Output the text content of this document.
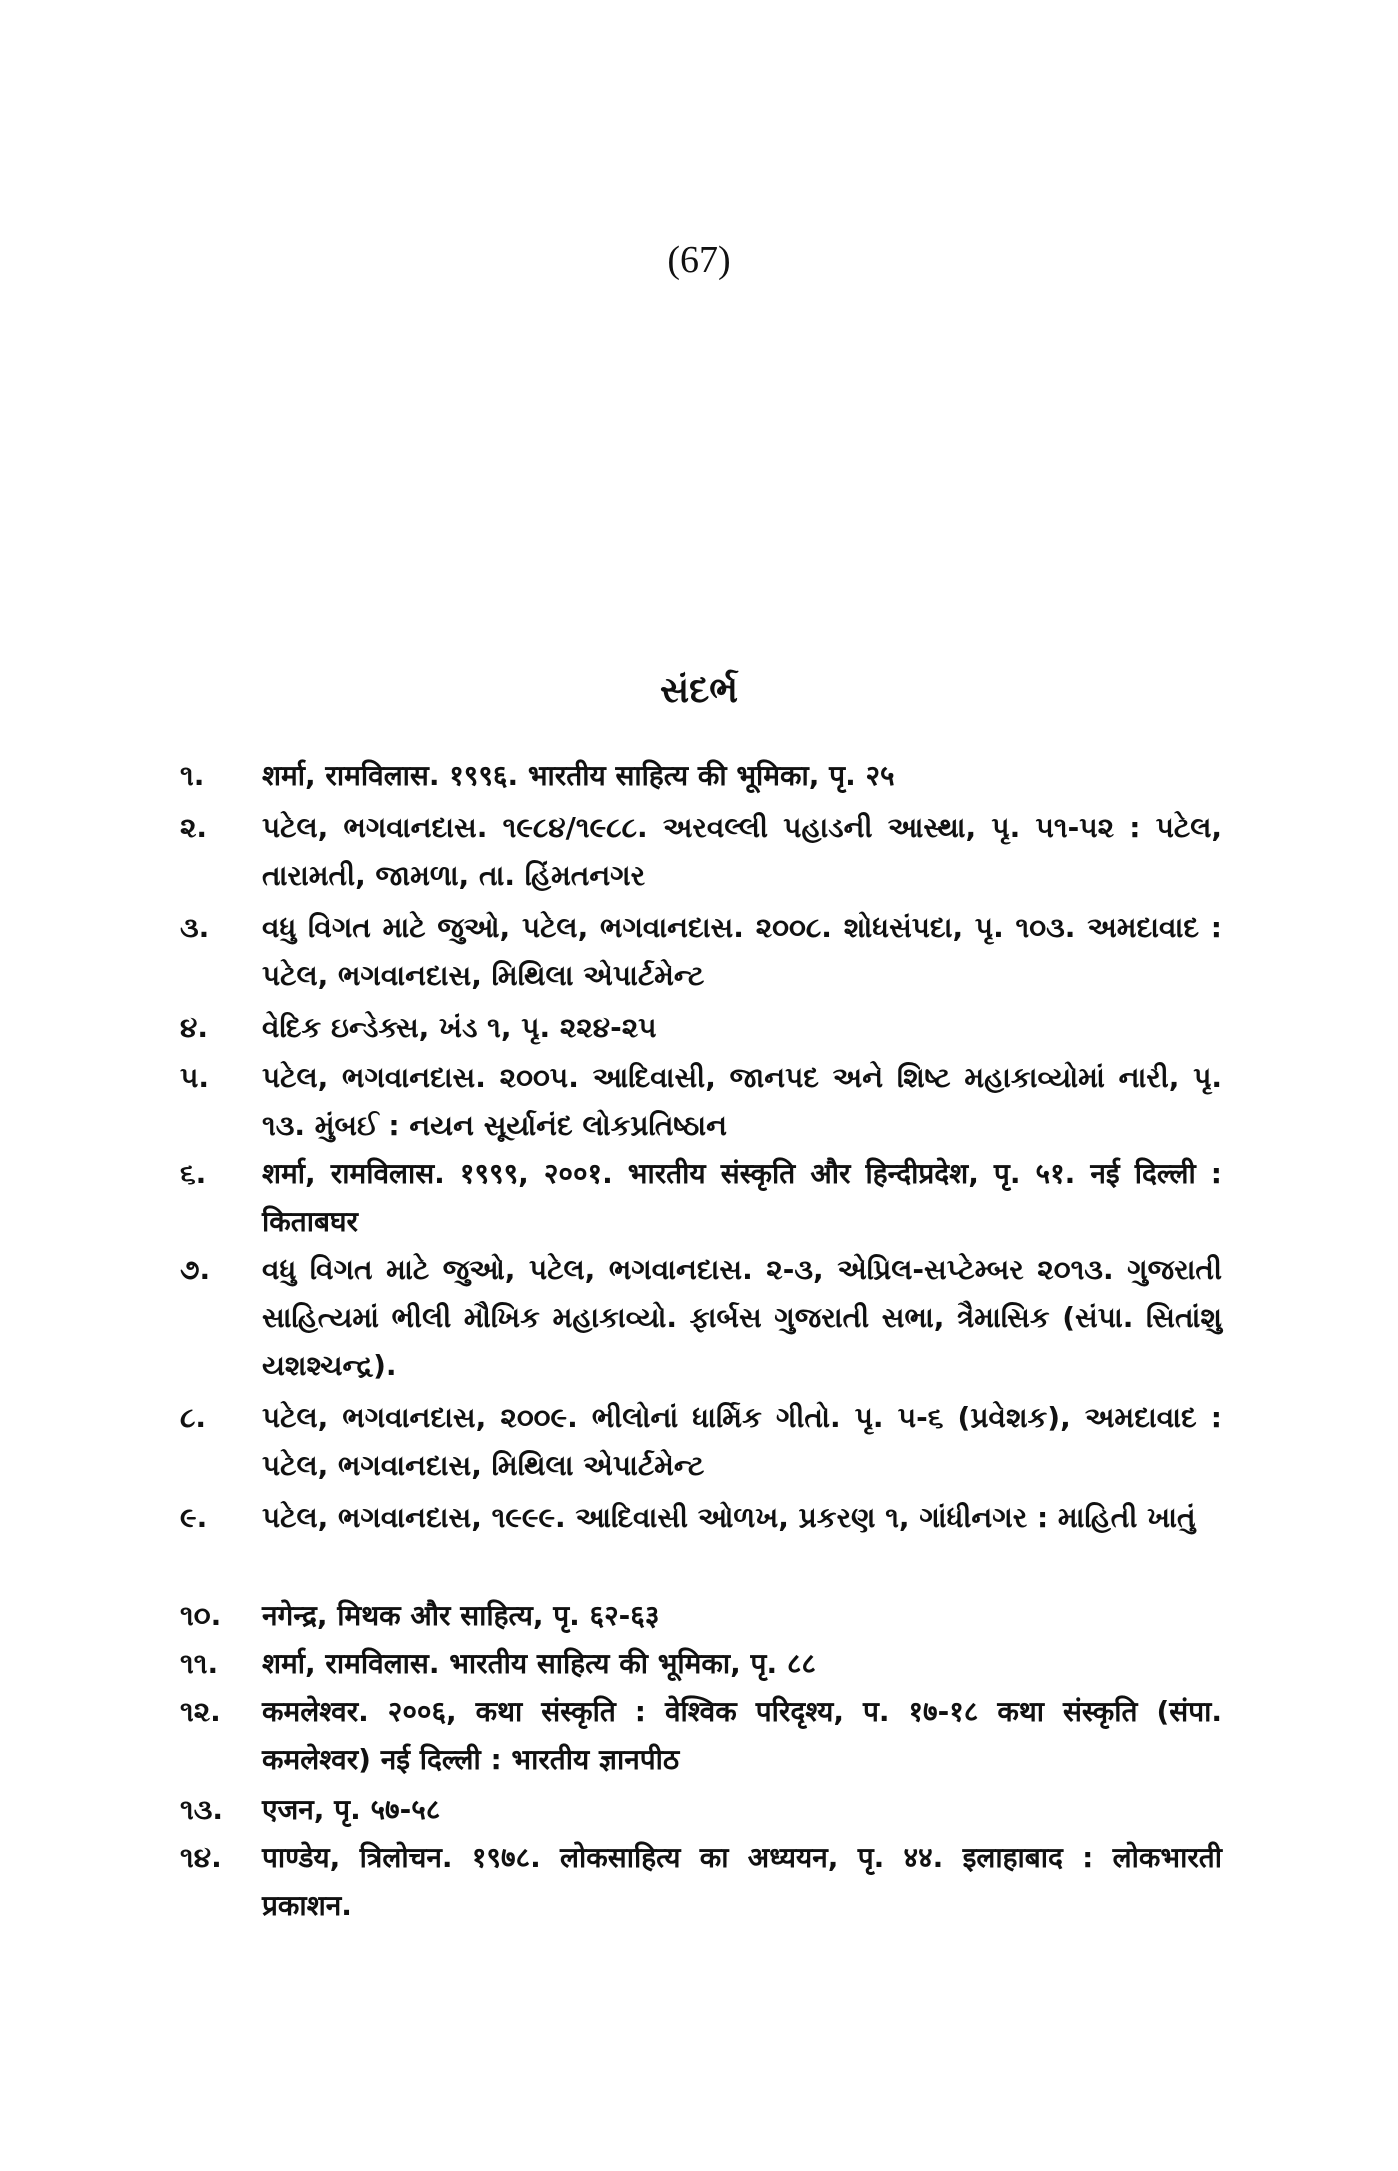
(67)
સંદર્ભ
૧.	शर्मा, रामविलास. १९९६. भारतीय साहित्य की भूमिका, पृ. २५
૨.	પટેલ, ભગવાનદાસ. ૧૯૮૪/૧૯૮૮. અરવલ્લી પહાડની આસ્થા, પૃ. ૫૧-૫૨ : પટેલ, તારામતી, જામળા, તા. હિંમતનગર
૩.	વધુ વિગત માટે જુઓ, પટેલ, ભગવાનદાસ. ૨૦૦૮. શોધસંપદા, પૃ. ૧૦૩. અમદાવાદ : પટેલ, ભગવાનદાસ, મિથિલા એપાર્ટમેન્ટ
૪.	વેદિક ઇન્ડેક્સ, ખંડ ૧, પૃ. ૨૨૪-૨૫
૫.	પટેલ, ભગવાનદાસ. ૨૦૦૫. આદિવાસી, જાનપદ અને શિષ્ટ મહાકાવ્યોમાં નારી, પૃ. ૧૩. મુંબઈ : નયન સૂર્યાનંદ લોકપ્રતિષ્ઠાન
૬.	शर्मा, रामविलास. १९९९, २००१. भारतीय संस्कृति और हिन्दीप्रदेश, पृ. ५१. नई दिल्ली : किताबघर
૭.	વધુ વિગત માટે જુઓ, પટેલ, ભગવાનદાસ. ૨-૩, એપ્રિલ-સપ્ટેમ્બર ૨૦૧૩. ગુજરાતી સાહિત્યમાં ભીલી મૌખિક મહાકાવ્યો. ફાર્બસ ગુજરાતી સભા, ત્રૈમાસિક (સંપા. સિતાંશુ યશશ્ચન્દ્ર).
૮.	પટેલ, ભગવાનદાસ, ૨૦૦૯. ભીલોનાં ધાર્મિક ગીતો. પૃ. ૫-૬ (પ્રવેશક), અમદાવાદ : પટેલ, ભગવાનદાસ, મિથિલા એપાર્ટમેન્ટ
૯.	પટેલ, ભગવાનદાસ, ૧૯૯૯. આદિવાસી ઓળખ, પ્રકરણ ૧, ગાંધીનગર : માહિતી ખાતું
૧૦.	नगेन्द्र, मिथक और साहित्य, पृ. ६२-६३
૧૧.	शर्मा, रामविलास. भारतीय साहित्य की भूमिका, पृ. ८८
૧૨.	कमलेश्वर. २००६, कथा संस्कृति : वेश्विक परिदृश्य, प. १७-१८ कथा संस्कृति (संपा. कमलेश्वर) नई दिल्ली : भारतीय ज्ञानपीठ
૧૩.	एजन, पृ. ५७-५८
૧૪.	पाण्डेय, त्रिलोचन. १९७८. लोकसाहित्य का अध्ययन, पृ. ४४. इलाहाबाद : लोकभारती प्रकाशन.
